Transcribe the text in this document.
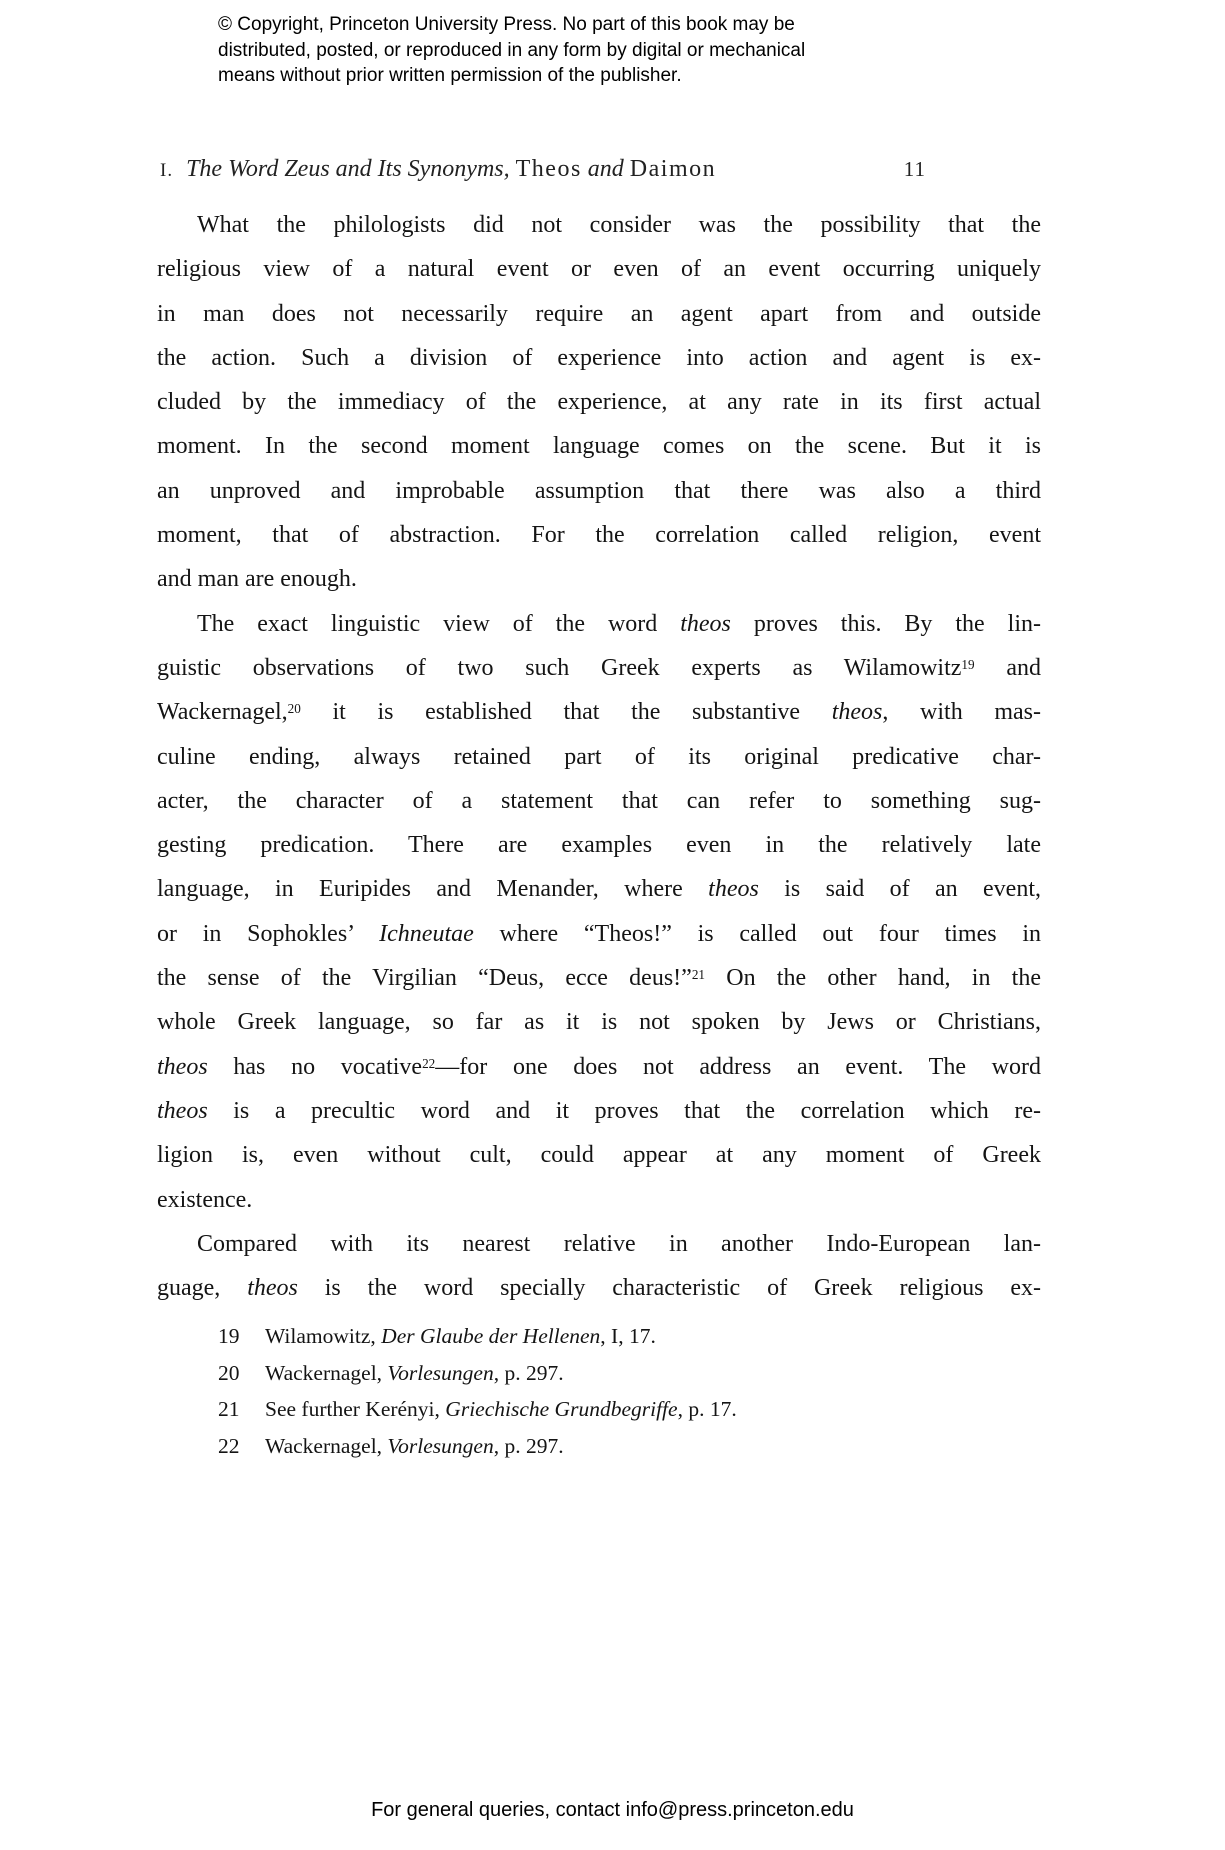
© Copyright, Princeton University Press. No part of this book may be
distributed, posted, or reproduced in any form by digital or mechanical
means without prior written permission of the publisher.
I. The Word Zeus and Its Synonyms, Theos and Daimon	11
What the philologists did not consider was the possibility that the
religious view of a natural event or even of an event occurring uniquely
in man does not necessarily require an agent apart from and outside
the action. Such a division of experience into action and agent is ex-
cluded by the immediacy of the experience, at any rate in its first actual
moment. In the second moment language comes on the scene. But it is
an unproved and improbable assumption that there was also a third
moment, that of abstraction. For the correlation called religion, event
and man are enough.
The exact linguistic view of the word theos proves this. By the lin-
guistic observations of two such Greek experts as Wilamowitz$^{19}$ and
Wackernagel,$^{20}$ it is established that the substantive theos, with mas-
culine ending, always retained part of its original predicative char-
acter, the character of a statement that can refer to something sug-
gesting predication. There are examples even in the relatively late
language, in Euripides and Menander, where theos is said of an event,
or in Sophokles’ Ichneutae where “Theos!” is called out four times in
the sense of the Virgilian “Deus, ecce deus!”$^{21}$ On the other hand, in the
whole Greek language, so far as it is not spoken by Jews or Christians,
theos has no vocative$^{22}$—for one does not address an event. The word
theos is a precultic word and it proves that the correlation which re-
ligion is, even without cult, could appear at any moment of Greek
existence.
Compared with its nearest relative in another Indo-European lan-
guage, theos is the word specially characteristic of Greek religious ex-
19 Wilamowitz, Der Glaube der Hellenen, I, 17.
20 Wackernagel, Vorlesungen, p. 297.
21 See further Kerényi, Griechische Grundbegriffe, p. 17.
22 Wackernagel, Vorlesungen, p. 297.
For general queries, contact info@press.princeton.edu
